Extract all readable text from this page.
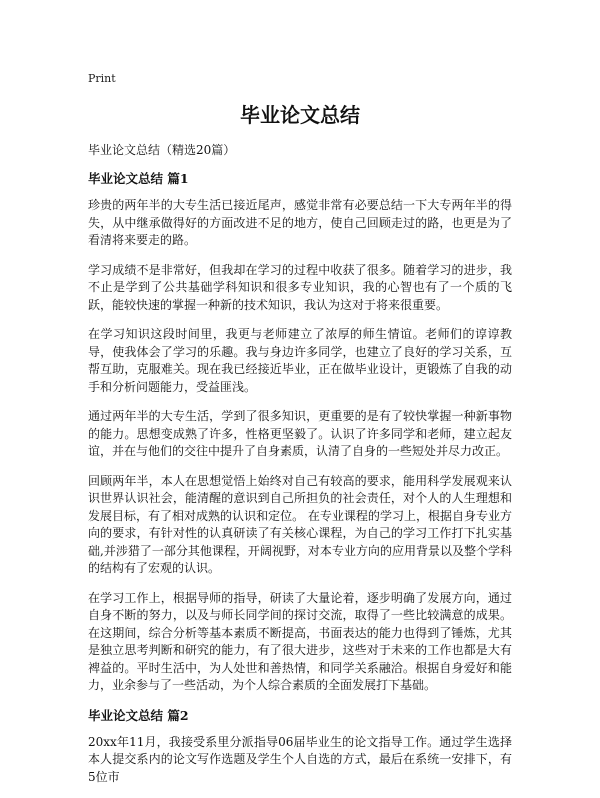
Print
毕业论文总结
毕业论文总结（精选20篇）
毕业论文总结 篇1

珍贵的两年半的大专生活已接近尾声，感觉非常有必要总结一下大专两年半的得失，从中继承做得好的方面改进不足的地方，使自己回顾走过的路，也更是为了看清将来要走的路。

学习成绩不是非常好，但我却在学习的过程中收获了很多。随着学习的进步，我不止是学到了公共基础学科知识和很多专业知识，我的心智也有了一个质的飞跃，能较快速的掌握一种新的技术知识，我认为这对于将来很重要。

在学习知识这段时间里，我更与老师建立了浓厚的师生情谊。老师们的谆谆教导，使我体会了学习的乐趣。我与身边许多同学，也建立了良好的学习关系，互帮互助，克服难关。现在我已经接近毕业，正在做毕业设计，更锻炼了自我的动手和分析问题能力，受益匪浅。

通过两年半的大专生活，学到了很多知识，更重要的是有了较快掌握一种新事物的能力。思想变成熟了许多，性格更坚毅了。认识了许多同学和老师，建立起友谊，并在与他们的交往中提升了自身素质，认清了自身的一些短处并尽力改正。

回顾两年半，本人在思想觉悟上始终对自己有较高的要求，能用科学发展观来认识世界认识社会，能清醒的意识到自己所担负的社会责任，对个人的人生理想和发展目标，有了相对成熟的认识和定位。 在专业课程的学习上，根据自身专业方向的要求，有针对性的认真研读了有关核心课程，为自己的学习工作打下扎实基础,并涉猎了一部分其他课程，开阔视野，对本专业方向的应用背景以及整个学科的结构有了宏观的认识。

在学习工作上，根据导师的指导，研读了大量论着，逐步明确了发展方向，通过自身不断的努力，以及与师长同学间的探讨交流，取得了一些比较满意的成果。在这期间，综合分析等基本素质不断提高，书面表达的能力也得到了锤炼，尤其是独立思考判断和研究的能力，有了很大进步，这些对于未来的工作也都是大有裨益的。平时生活中，为人处世和善热情，和同学关系融洽。根据自身爱好和能力，业余参与了一些活动，为个人综合素质的全面发展打下基础。

毕业论文总结 篇2

20xx年11月，我接受系里分派指导06届毕业生的论文指导工作。通过学生选择本人提交系内的论文写作选题及学生个人自选的方式，最后在系统一安排下，有5位市
